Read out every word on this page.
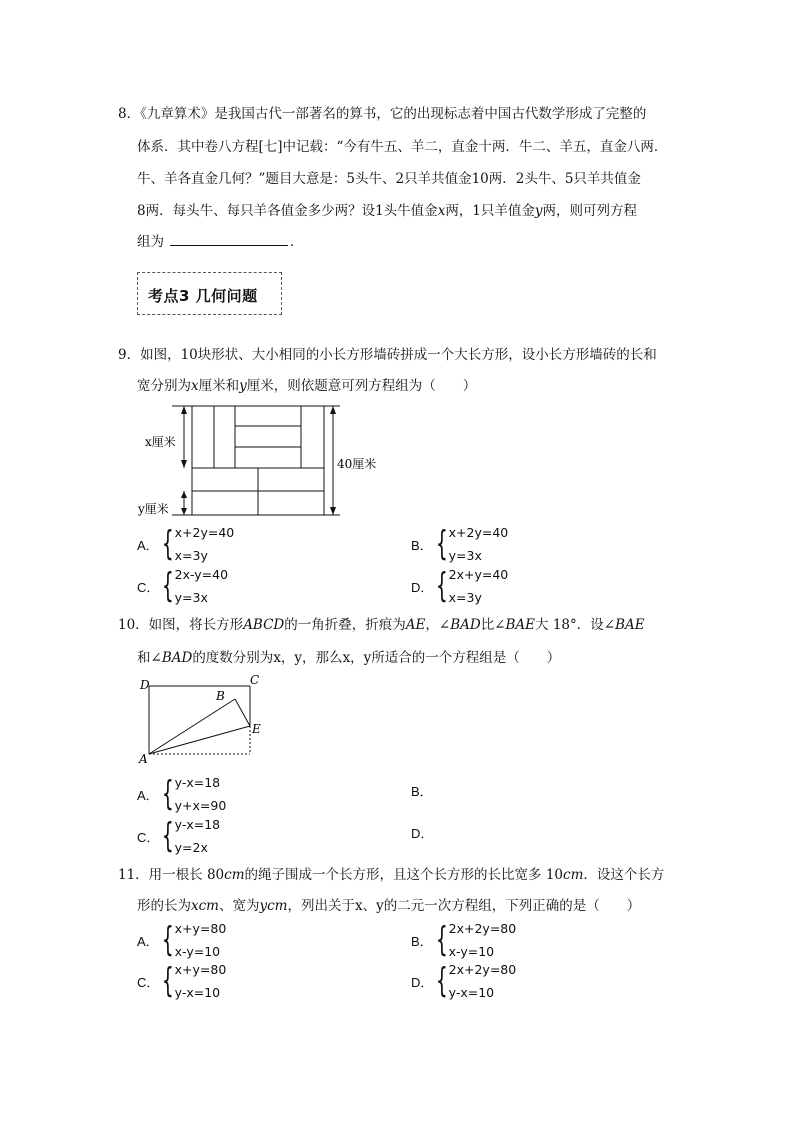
8．《九章算术》是我国古代一部著名的算书，它的出现标志着中国古代数学形成了完整的
体系．其中卷八方程[七]中记载：“今有牛五、羊二，直金十两．牛二、羊五，直金八两．
牛、羊各直金几何？”题目大意是：5头牛、2只羊共值金10两．2头牛、5只羊共值金
8两．每头牛、每只羊各值金多少两？设1头牛值金x两，1只羊值金y两，则可列方程
组为	．
考点3 几何问题
9．如图，10块形状、大小相同的小长方形墙砖拼成一个大长方形，设小长方形墙砖的长和
宽分别为x厘米和y厘米，则依题意可列方程组为（　　）
x厘米
y厘米
40厘米
A． { x+2y=40
x=3y
B． { x+2y=40
y=3x
C． { 2x-y=40
y=3x
D． { 2x+y=40
x=3y
10．如图，将长方形ABCD的一角折叠，折痕为AE，∠BAD比∠BAE大 18°．设∠BAE
和∠BAD的度数分别为x，y，那么x，y所适合的一个方程组是（　　）
A
B
C
D
E
A． { y-x=18
y+x=90
B．
C． { y-x=18
y=2x
D．
11．用一根长 80cm的绳子围成一个长方形，且这个长方形的长比宽多 10cm．设这个长方
形的长为xcm、宽为ycm，列出关于x、y的二元一次方程组，下列正确的是（　　）
A． { x+y=80
x-y=10
B． { 2x+2y=80
x-y=10
C． { x+y=80
y-x=10
D． { 2x+2y=80
y-x=10
